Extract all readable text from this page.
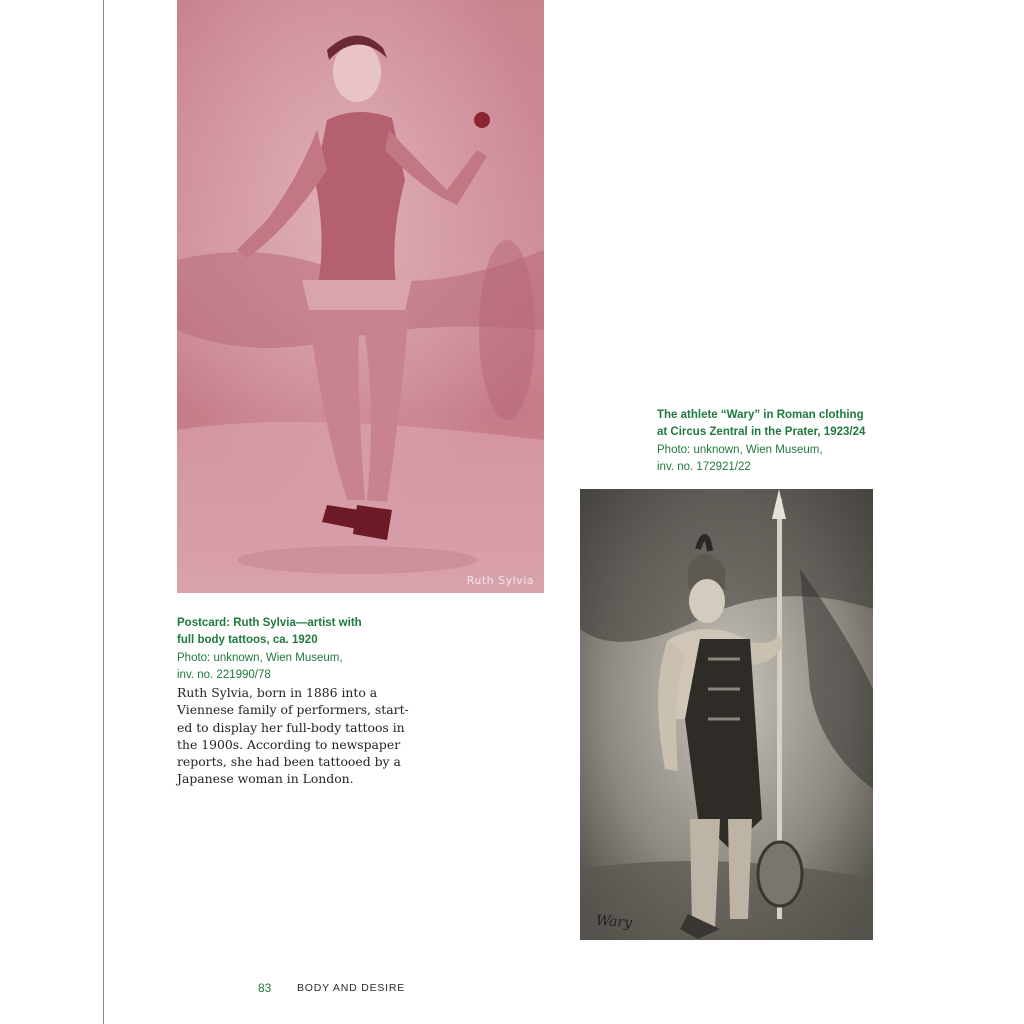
Ruth Sylvia
Wary
Postcard: Ruth Sylvia—artist with
full body tattoos, ca. 1920
Photo: unknown, Wien Museum,
inv. no. 221990/78
The athlete “Wary” in Roman clothing
at Circus Zentral in the Prater, 1923/24
Photo: unknown, Wien Museum,
inv. no. 172921/22
Ruth Sylvia, born in 1886 into a
Viennese family of performers, start-
ed to display her full-body tattoos in
the 1900s. According to newspaper
reports, she had been tattooed by a
Japanese woman in London.
83 BODY AND DESIRE
